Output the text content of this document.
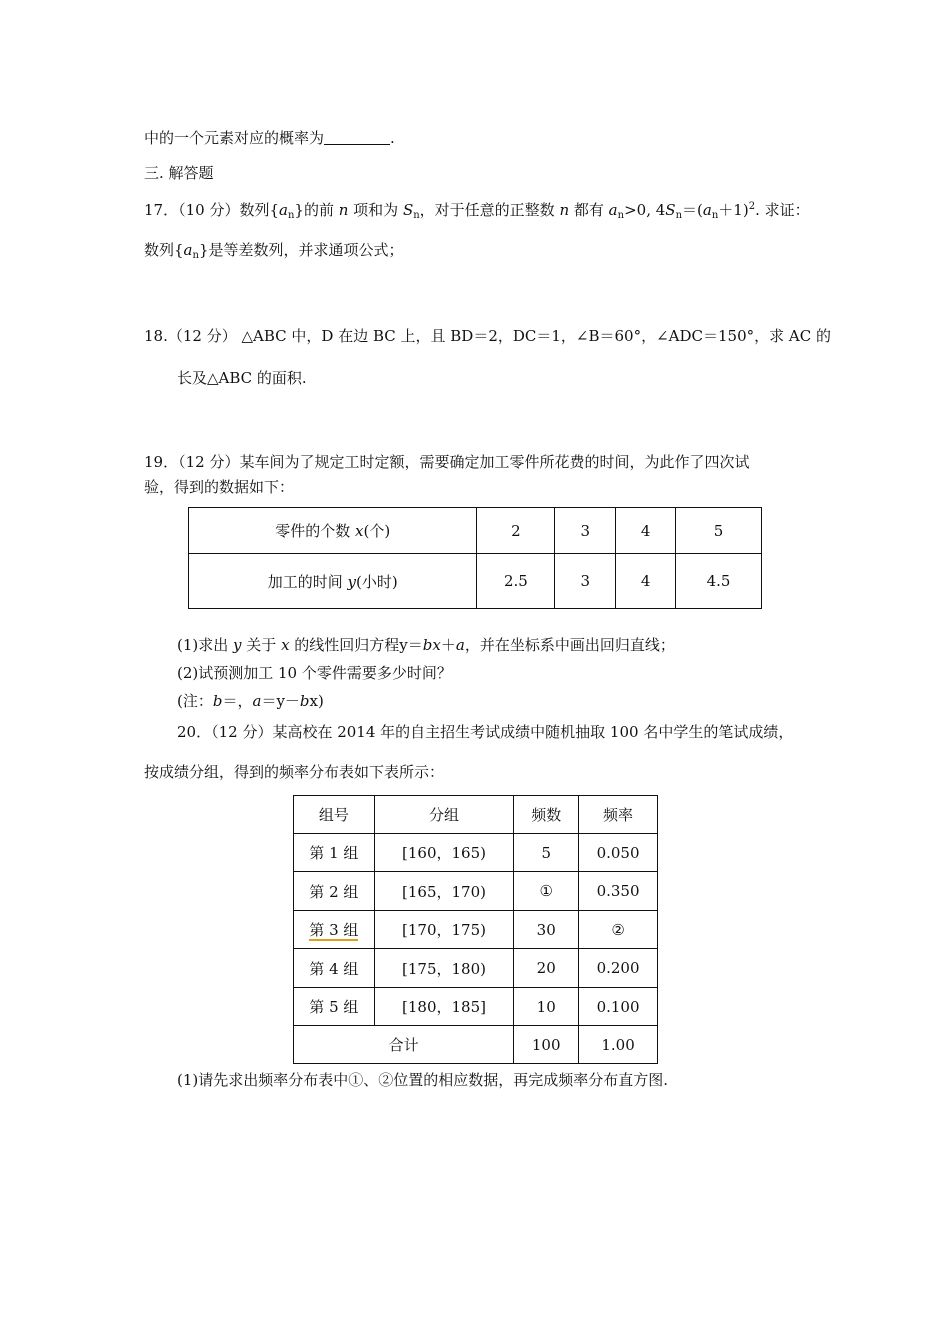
中的一个元素对应的概率为	.
三. 解答题
17．（10 分）数列$\{a_n\}$的前 n 项和为 $S_n$，对于任意的正整数 n 都有 $a_n>0$, $4S_n=(a_n+1)^2$. 求证：
数列$\{a_n\}$是等差数列，并求通项公式；
18.（12 分） △ABC 中，D 在边 BC 上，且 BD＝2，DC＝1，∠B＝60°，∠ADC＝150°，求 AC 的
长及△ABC 的面积.
19．（12 分）某车间为了规定工时定额，需要确定加工零件所花费的时间，为此作了四次试
验，得到的数据如下：
零件的个数 x(个)	2	3	4	5
加工的时间 y(小时)	2.5	3	4	4.5
(1)求出 y 关于 x 的线性回归方程y＝bx＋a，并在坐标系中画出回归直线；
(2)试预测加工 10 个零件需要多少时间？
(注：b＝，a＝y－bx)
20．（12 分）某高校在 2014 年的自主招生考试成绩中随机抽取 100 名中学生的笔试成绩，
按成绩分组，得到的频率分布表如下表所示：
组号	分组	频数	频率
第 1 组	[160，165)	5	0.050
第 2 组	[165，170)	①	0.350
第 3 组	[170，175)	30	②
第 4 组	[175，180)	20	0.200
第 5 组	[180，185]	10	0.100
合计		100	1.00
(1)请先求出频率分布表中①、②位置的相应数据，再完成频率分布直方图.
